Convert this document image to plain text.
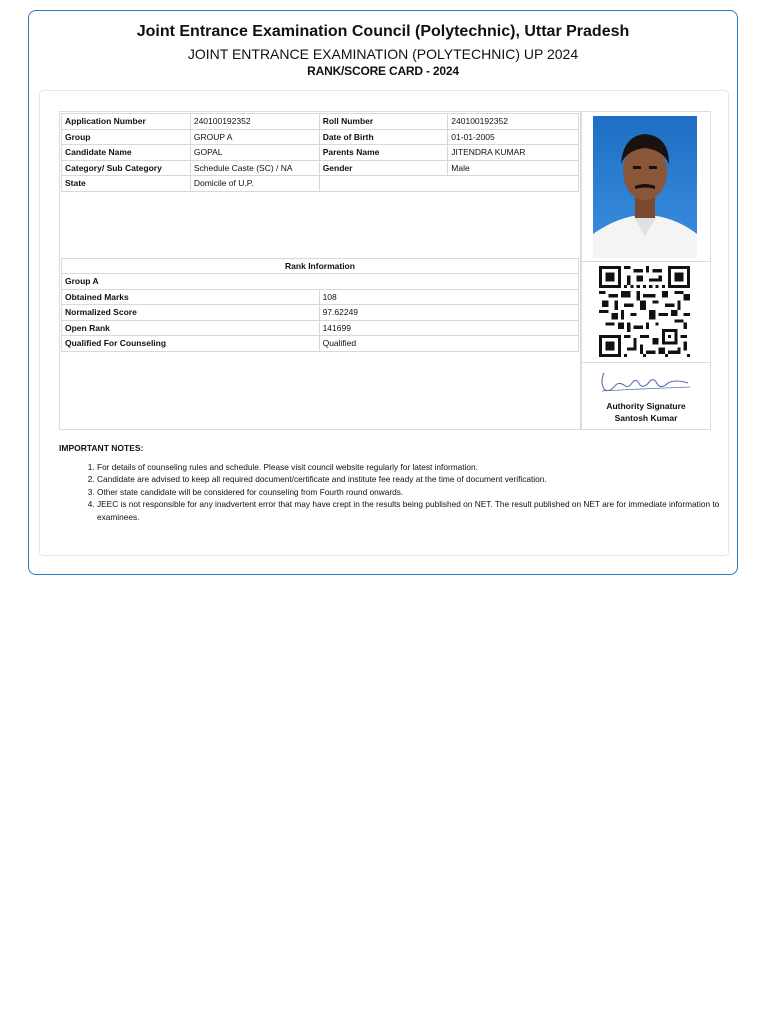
Joint Entrance Examination Council (Polytechnic), Uttar Pradesh
JOINT ENTRANCE EXAMINATION (POLYTECHNIC) UP 2024
RANK/SCORE CARD - 2024
Application Number	240100192352	Roll Number	240100192352
Group	GROUP A	Date of Birth	01-01-2005
Candidate Name	GOPAL	Parents Name	JITENDRA KUMAR
Category/ Sub Category	Schedule Caste (SC) / NA	Gender	Male
State	Domicile of U.P.		
Rank Information	
Group A	
Obtained Marks	108
Normalized Score	97.62249
Open Rank	141699
Qualified For Counseling	Qualified
Authority Signature
Santosh Kumar
IMPORTANT NOTES:
1. For details of counseling rules and schedule. Please visit council website regularly for latest information.
2. Candidate are advised to keep all required document/certificate and institute fee ready at the time of document verification.
3. Other state candidate will be considered for counseling from Fourth round onwards.
4. JEEC is not responsible for any inadvertent error that may have crept in the results being published on NET. The result published on NET are for immediate information to examinees.
